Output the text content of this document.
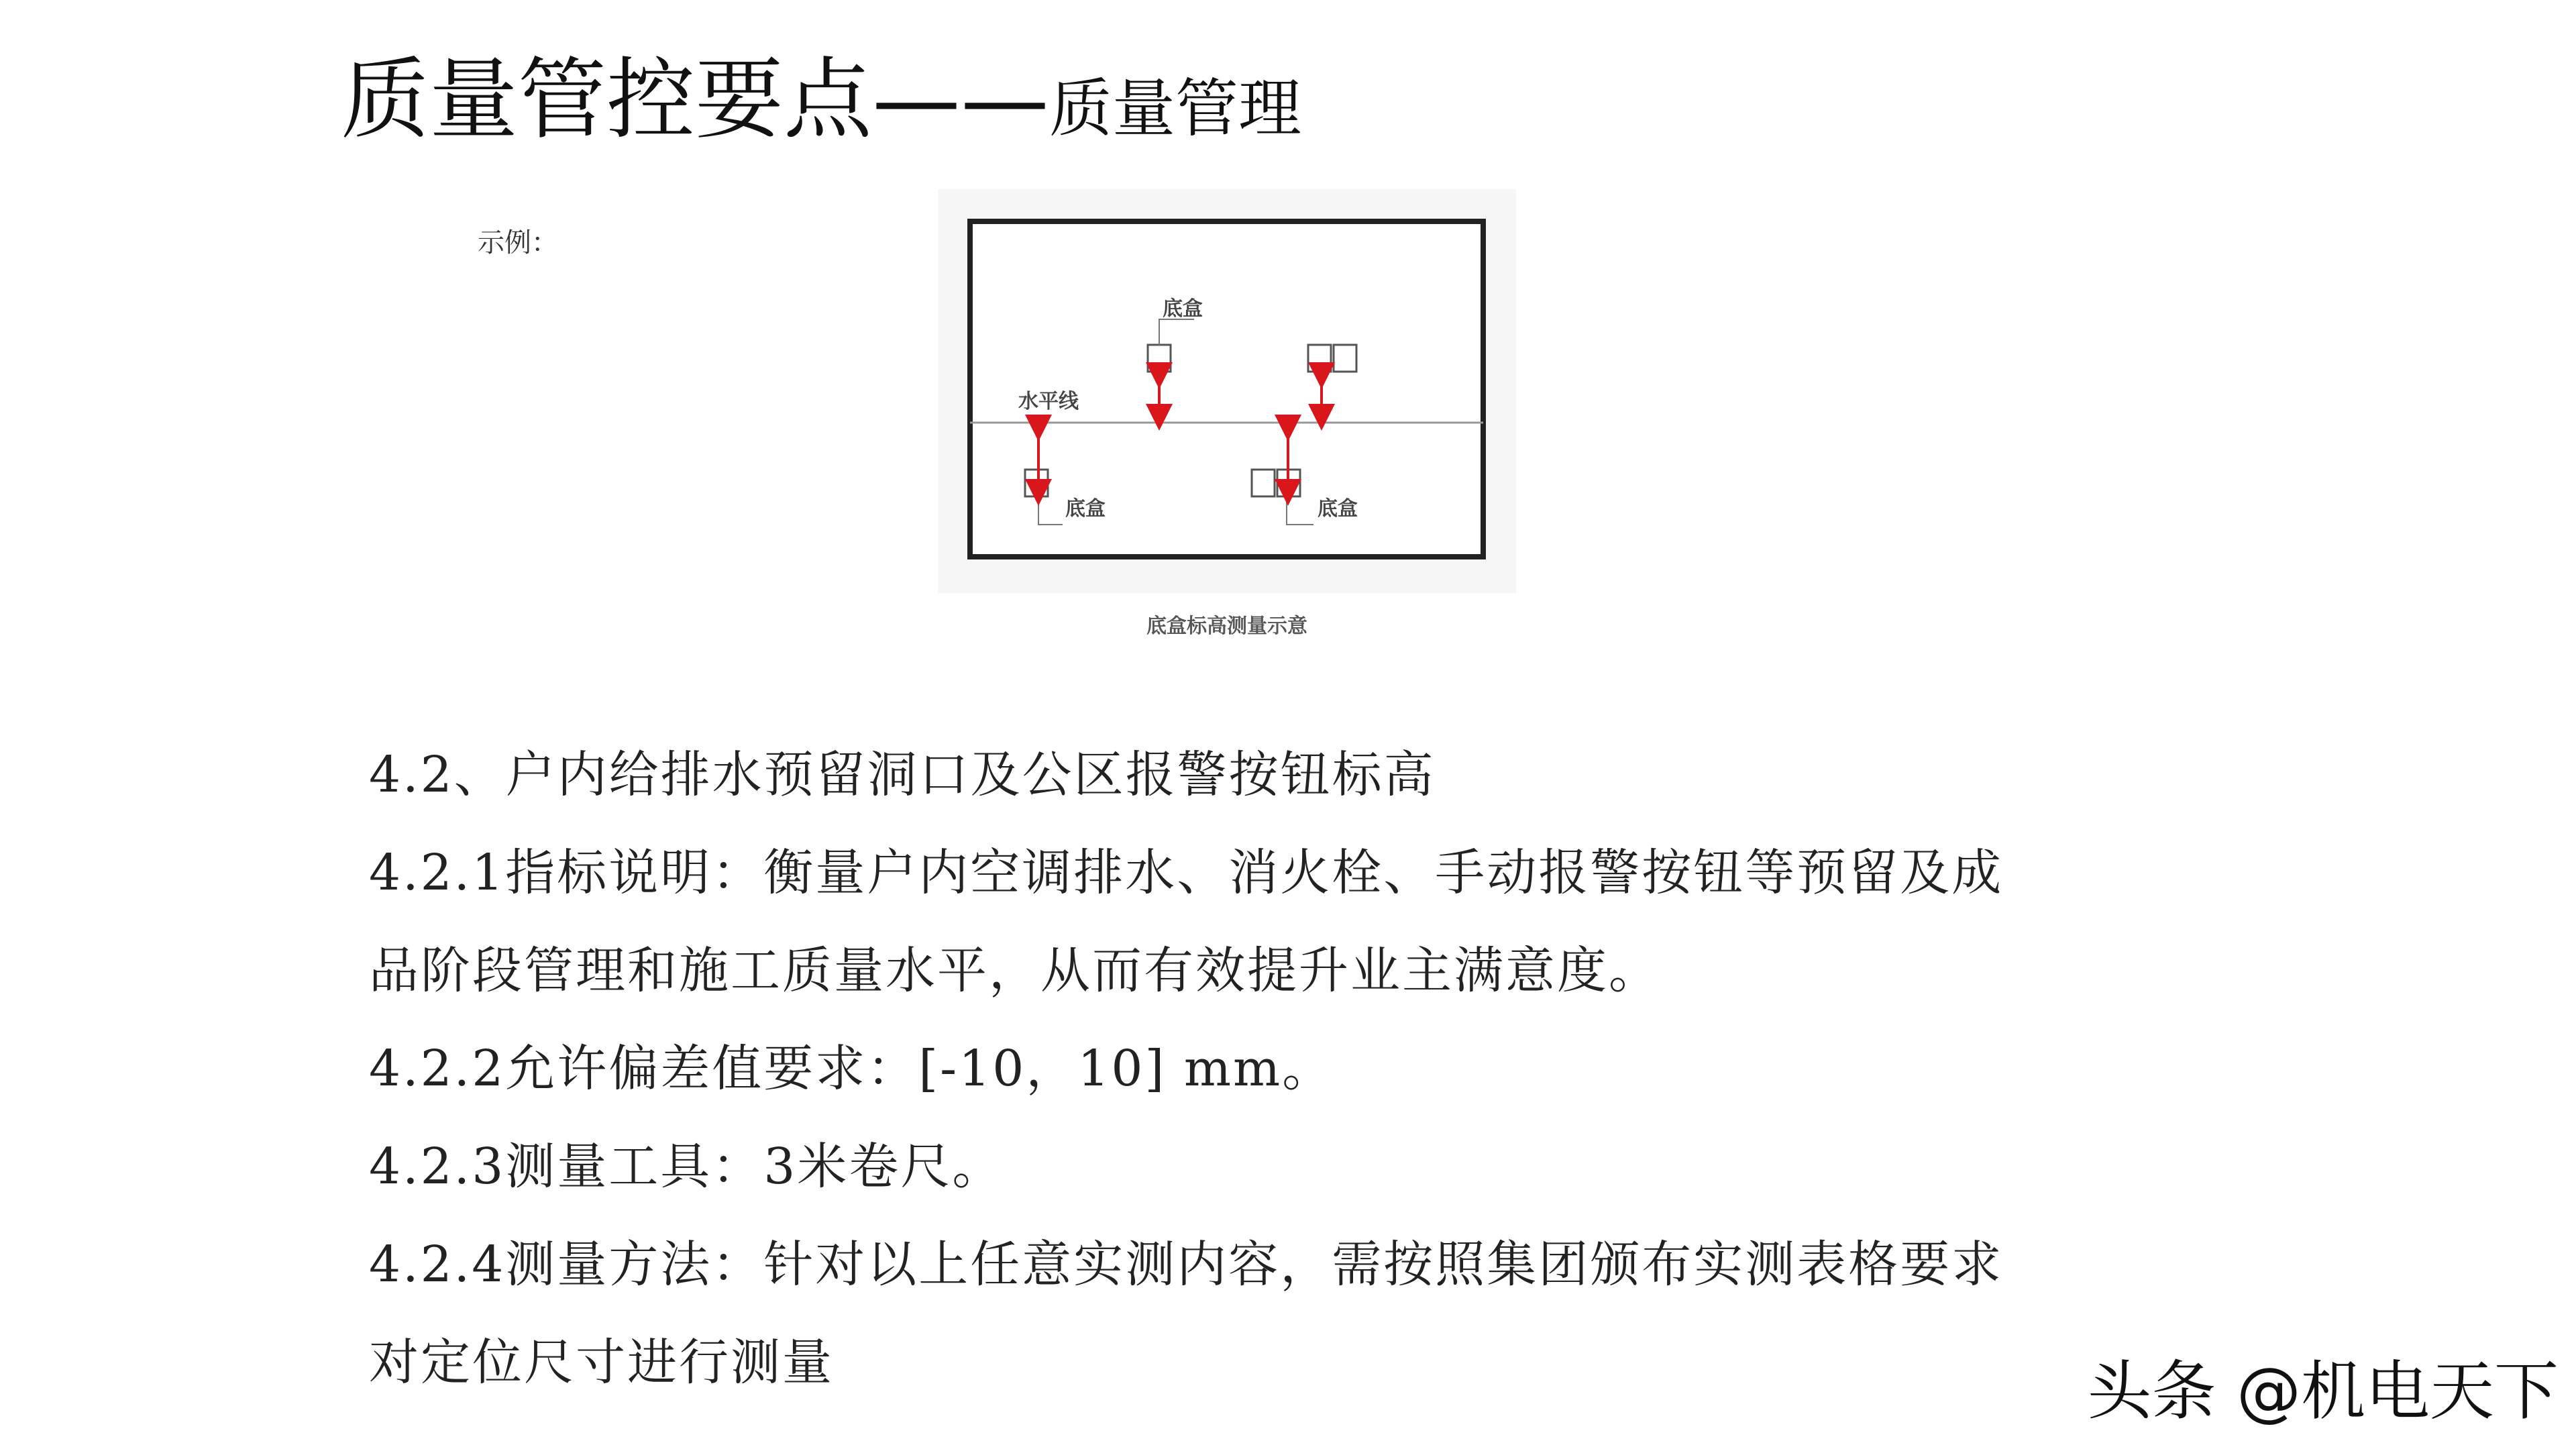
质量管控要点——质量管理
示例：
底盒
水平线
底盒	底盒
底盒标高测量示意

4.2、户内给排水预留洞口及公区报警按钮标高

4.2.1指标说明：衡量户内空调排水、消火栓、手动报警按钮等预留及成

品阶段管理和施工质量水平，从而有效提升业主满意度。

4.2.2允许偏差值要求：[-10，10] mm。

4.2.3测量工具：3米卷尺。

4.2.4测量方法：针对以上任意实测内容，需按照集团颁布实测表格要求

对定位尺寸进行测量	头条 @机电天下
